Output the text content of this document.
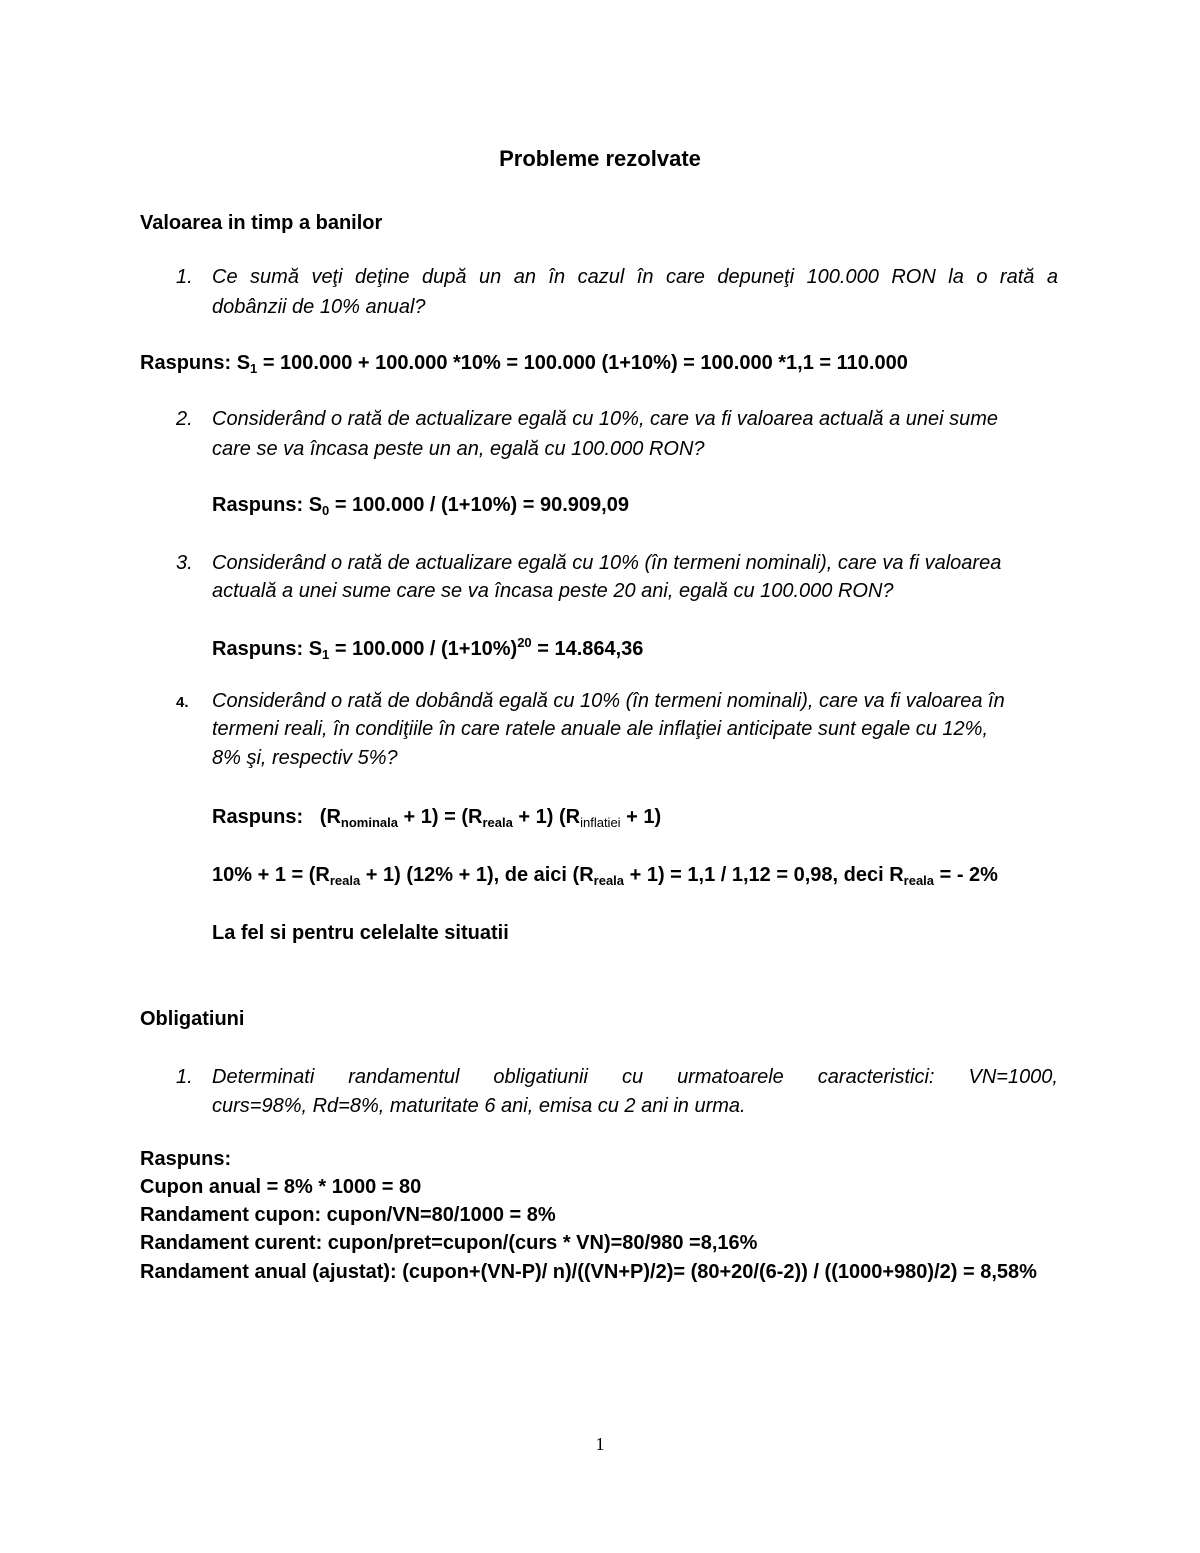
Probleme rezolvate
Valoarea in timp a banilor
1. Ce sumă veţi deţine după un an în cazul în care depuneţi 100.000 RON la o rată a
dobânzii de 10% anual?
Raspuns: $S_1 = 100.000 + 100.000$ *10% = 100.000 (1+10%) = 100.000 *1,1 = 110.000
2. Considerând o rată de actualizare egală cu 10%, care va fi valoarea actuală a unei sume
care se va încasa peste un an, egală cu 100.000 RON?
Raspuns: $S_0 = 100.000 / (1+10\%) = 90.909,09$
3. Considerând o rată de actualizare egală cu 10% (în termeni nominali), care va fi valoarea
actuală a unei sume care se va încasa peste 20 ani, egală cu 100.000 RON?
Raspuns: $S_1 = 100.000 / (1+10\%)^{20} = 14.864,36$
4. Considerând o rată de dobândă egală cu 10% (în termeni nominali), care va fi valoarea în
termeni reali, în condiţiile în care ratele anuale ale inflaţiei anticipate sunt egale cu 12%,
8% şi, respectiv 5%?
Raspuns: $(R_{nominala} + 1) = (R_{reala} + 1) (R_{inflatiei} + 1)$
$10\% + 1 = (R_{reala} + 1) (12\% + 1)$, de aici $(R_{reala} + 1) = 1,1 / 1,12 = 0,98$, deci $R_{reala}$ = - 2%
La fel si pentru celelalte situatii
Obligatiuni
1. Determinati randamentul obligatiunii cu urmatoarele caracteristici: VN=1000,
curs=98%, Rd=8%, maturitate 6 ani, emisa cu 2 ani in urma.
Raspuns:
Cupon anual = 8% * 1000 = 80
Randament cupon: cupon/VN=80/1000 = 8%
Randament curent: cupon/pret=cupon/(curs * VN)=80/980 =8,16%
Randament anual (ajustat): (cupon+(VN-P)/ n)/((VN+P)/2)= (80+20/(6-2)) / ((1000+980)/2) = 8,58%
1
